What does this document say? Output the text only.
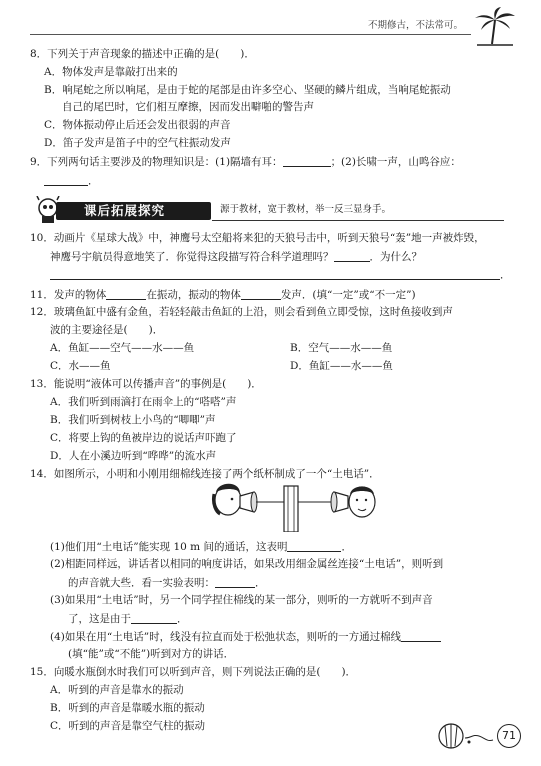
不期修古，不法常可。
8．下列关于声音现象的描述中正确的是(　　)．
A．物体发声是靠敲打出来的
B．响尾蛇之所以响尾，是由于蛇的尾部是由许多空心、坚硬的鳞片组成，当响尾蛇振动
自己的尾巴时，它们相互摩擦，因而发出噼啪的警告声
C．物体振动停止后还会发出很弱的声音
D．笛子发声是笛子中的空气柱振动发声
9．下列两句话主要涉及的物理知识是：(1)隔墙有耳：	；(2)长啸一声，山鸣谷应：
．
课后拓展探究	源于教材，宽于教材，举一反三显身手。
10．动画片《星球大战》中，神鹰号太空船将来犯的天狼号击中，听到天狼号“轰”地一声被炸毁，
神鹰号宇航员得意地笑了．你觉得这段描写符合科学道理吗？	．为什么？
．
11．发声的物体	在振动，振动的物体	发声．(填“一定”或“不一定”)
12．玻璃鱼缸中盛有金鱼，若轻轻敲击鱼缸的上沿，则会看到鱼立即受惊，这时鱼接收到声
波的主要途径是(　　)．
A．鱼缸——空气——水——鱼	B．空气——水——鱼
C．水——鱼	D．鱼缸——水——鱼
13．能说明“液体可以传播声音”的事例是(　　)．
A．我们听到雨滴打在雨伞上的“嗒嗒”声
B．我们听到树枝上小鸟的“唧唧”声
C．将要上钩的鱼被岸边的说话声吓跑了
D．人在小溪边听到“哗哗”的流水声
14．如图所示，小明和小刚用细棉线连接了两个纸杯制成了一个“土电话”．
(1)他们用“土电话”能实现 10 m 间的通话，这表明	．
(2)相距同样远，讲话者以相同的响度讲话，如果改用细金属丝连接“土电话”，则听到
的声音就大些．看一实验表明：	．
(3)如果用“土电话”时，另一个同学捏住棉线的某一部分，则听的一方就听不到声音
了，这是由于	．
(4)如果在用“土电话”时，线没有拉直而处于松弛状态，则听的一方通过棉线
(填“能”或“不能”)听到对方的讲话．
15．向暖水瓶倒水时我们可以听到声音，则下列说法正确的是(　　)．
A．听到的声音是靠水的振动
B．听到的声音是靠暖水瓶的振动
C．听到的声音是靠空气柱的振动
71
